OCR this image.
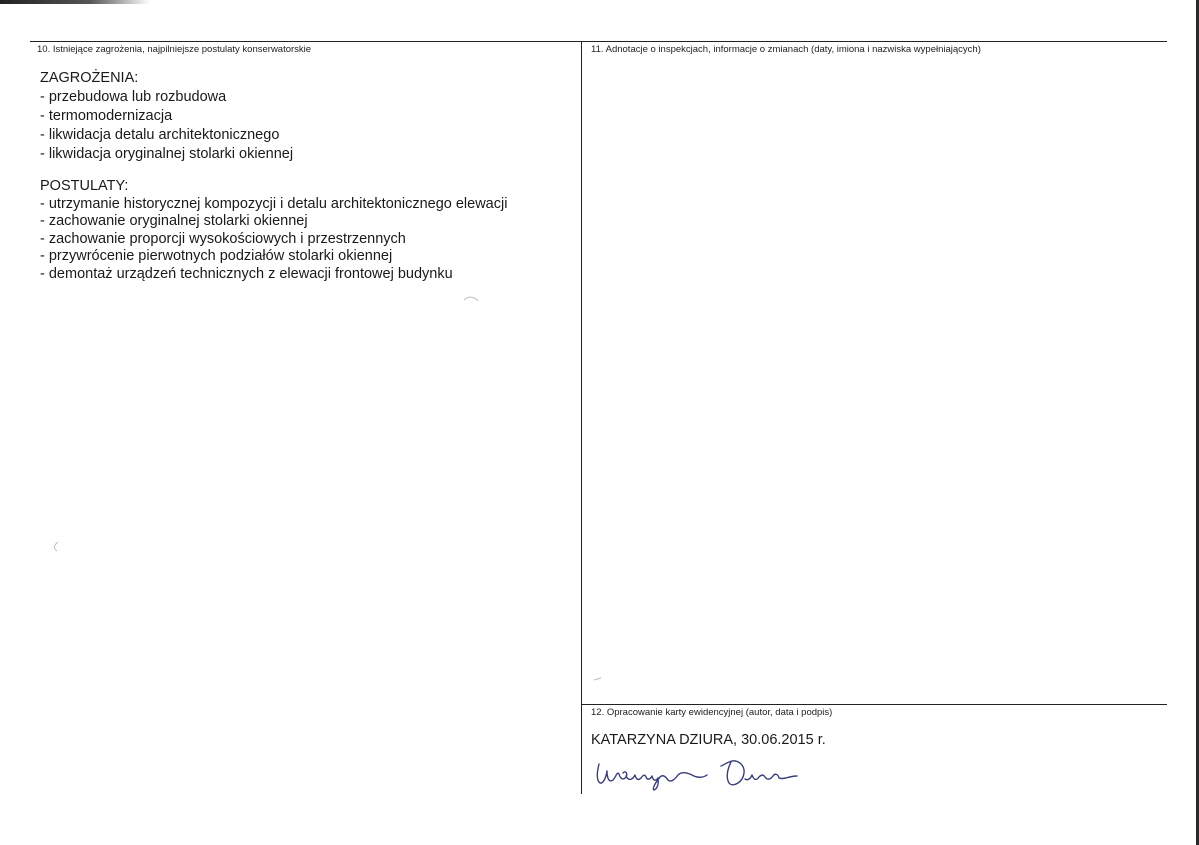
10. Istniejące zagrożenia, najpilniejsze postulaty konserwatorskie
ZAGROŻENIA:
- przebudowa lub rozbudowa
- termomodernizacja
- likwidacja detalu architektonicznego
- likwidacja oryginalnej stolarki okiennej
POSTULATY:
- utrzymanie historycznej kompozycji i detalu architektonicznego elewacji
- zachowanie oryginalnej stolarki okiennej
- zachowanie proporcji wysokościowych i przestrzennych
- przywrócenie pierwotnych podziałów stolarki okiennej
- demontaż urządzeń technicznych z elewacji frontowej budynku
11. Adnotacje o inspekcjach, informacje o zmianach (daty, imiona i nazwiska wypełniających)
12. Opracowanie karty ewidencyjnej (autor, data i podpis)
KATARZYNA DZIURA, 30.06.2015 r.
